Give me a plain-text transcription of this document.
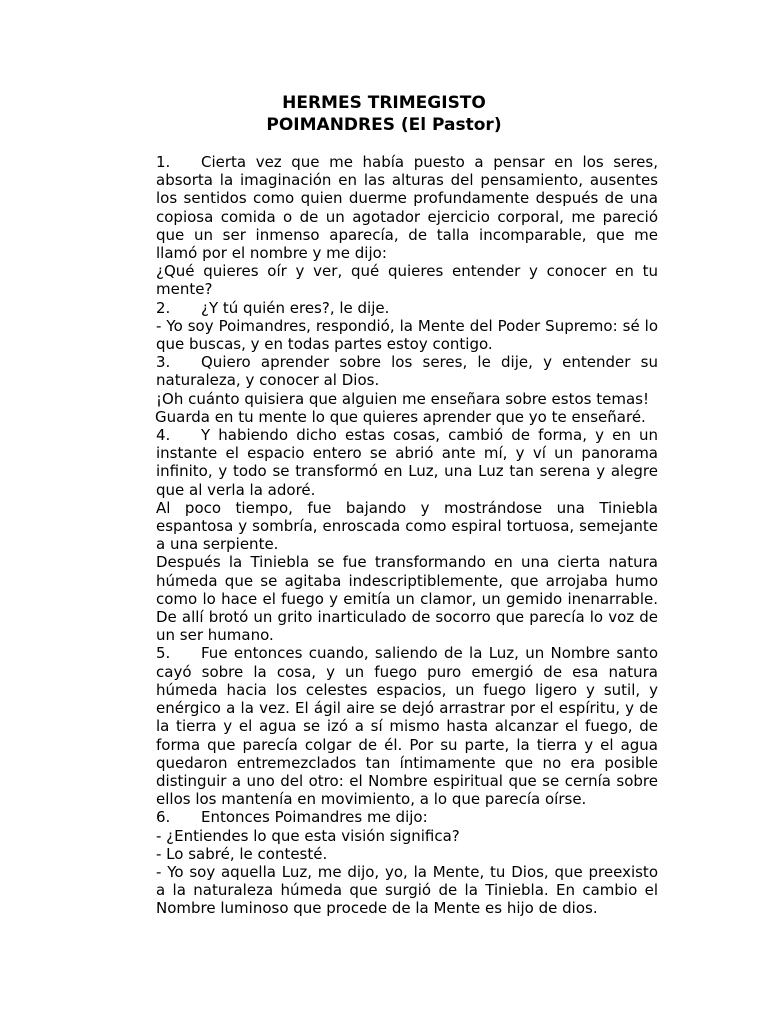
HERMES TRIMEGISTO
POIMANDRES (El Pastor)

1. Cierta vez que me había puesto a pensar en los seres, absorta la imaginación en las alturas del pensamiento, ausentes los sentidos como quien duerme profundamente después de una copiosa comida o de un agotador ejercicio corporal, me pareció que un ser inmenso aparecía, de talla incomparable, que me llamó por el nombre y me dijo:

¿Qué quieres oír y ver, qué quieres entender y conocer en tu mente?

2. ¿Y tú quién eres?, le dije.

- Yo soy Poimandres, respondió, la Mente del Poder Supremo: sé lo que buscas, y en todas partes estoy contigo.

3. Quiero aprender sobre los seres, le dije, y entender su naturaleza, y conocer al Dios.

¡Oh cuánto quisiera que alguien me enseñara sobre estos temas!

Guarda en tu mente lo que quieres aprender que yo te enseñaré.

4. Y habiendo dicho estas cosas, cambió de forma, y en un instante el espacio entero se abrió ante mí, y ví un panorama infinito, y todo se transformó en Luz, una Luz tan serena y alegre que al verla la adoré.

Al poco tiempo, fue bajando y mostrándose una Tiniebla espantosa y sombría, enroscada como espiral tortuosa, semejante a una serpiente.

Después la Tiniebla se fue transformando en una cierta natura húmeda que se agitaba indescriptiblemente, que arrojaba humo como lo hace el fuego y emitía un clamor, un gemido inenarrable. De allí brotó un grito inarticulado de socorro que parecía lo voz de un ser humano.

5. Fue entonces cuando, saliendo de la Luz, un Nombre santo cayó sobre la cosa, y un fuego puro emergió de esa natura húmeda hacia los celestes espacios, un fuego ligero y sutil, y enérgico a la vez. El ágil aire se dejó arrastrar por el espíritu, y de la tierra y el agua se izó a sí mismo hasta alcanzar el fuego, de forma que parecía colgar de él. Por su parte, la tierra y el agua quedaron entremezclados tan íntimamente que no era posible distinguir a uno del otro: el Nombre espiritual que se cernía sobre ellos los mantenía en movimiento, a lo que parecía oírse.

6. Entonces Poimandres me dijo:

- ¿Entiendes lo que esta visión significa?

- Lo sabré, le contesté.

- Yo soy aquella Luz, me dijo, yo, la Mente, tu Dios, que preexisto a la naturaleza húmeda que surgió de la Tiniebla. En cambio el Nombre luminoso que procede de la Mente es hijo de dios.
